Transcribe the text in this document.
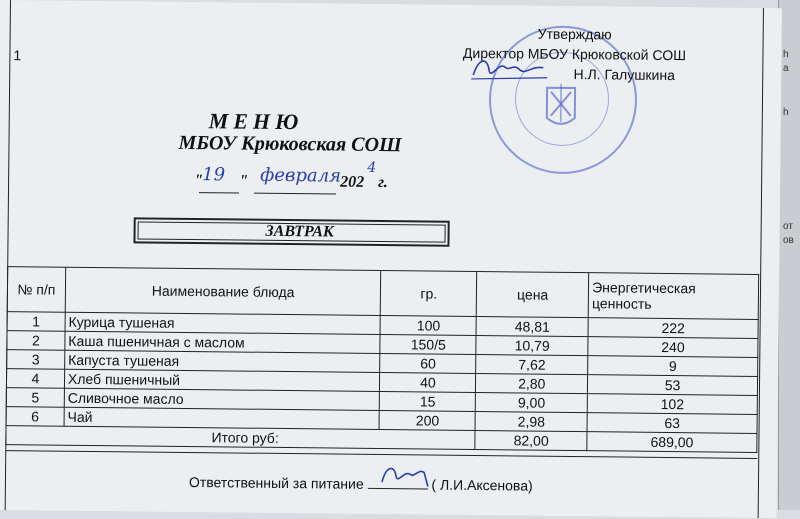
h
a
h
от
ов
1
Утверждаю
Директор МБОУ Крюковской СОШ
Н.Л. Галушкина
МЕНЮ
МБОУ Крюковская СОШ
"
19 " февраля
202
4
г.
ЗАВТРАК
№ п/п	Наименование блюда	гр.	цена	Энергетическая ценность
1	Курица тушеная	100	48,81	222
2	Каша пшеничная с маслом	150/5	10,79	240
3	Капуста тушеная	60	7,62	9
4	Хлеб пшеничный	40	2,80	53
5	Сливочное масло	15	9,00	102
6	Чай	200	2,98	63
Итого руб:			82,00	689,00
Ответственный за питание	( Л.И.Аксенова)
